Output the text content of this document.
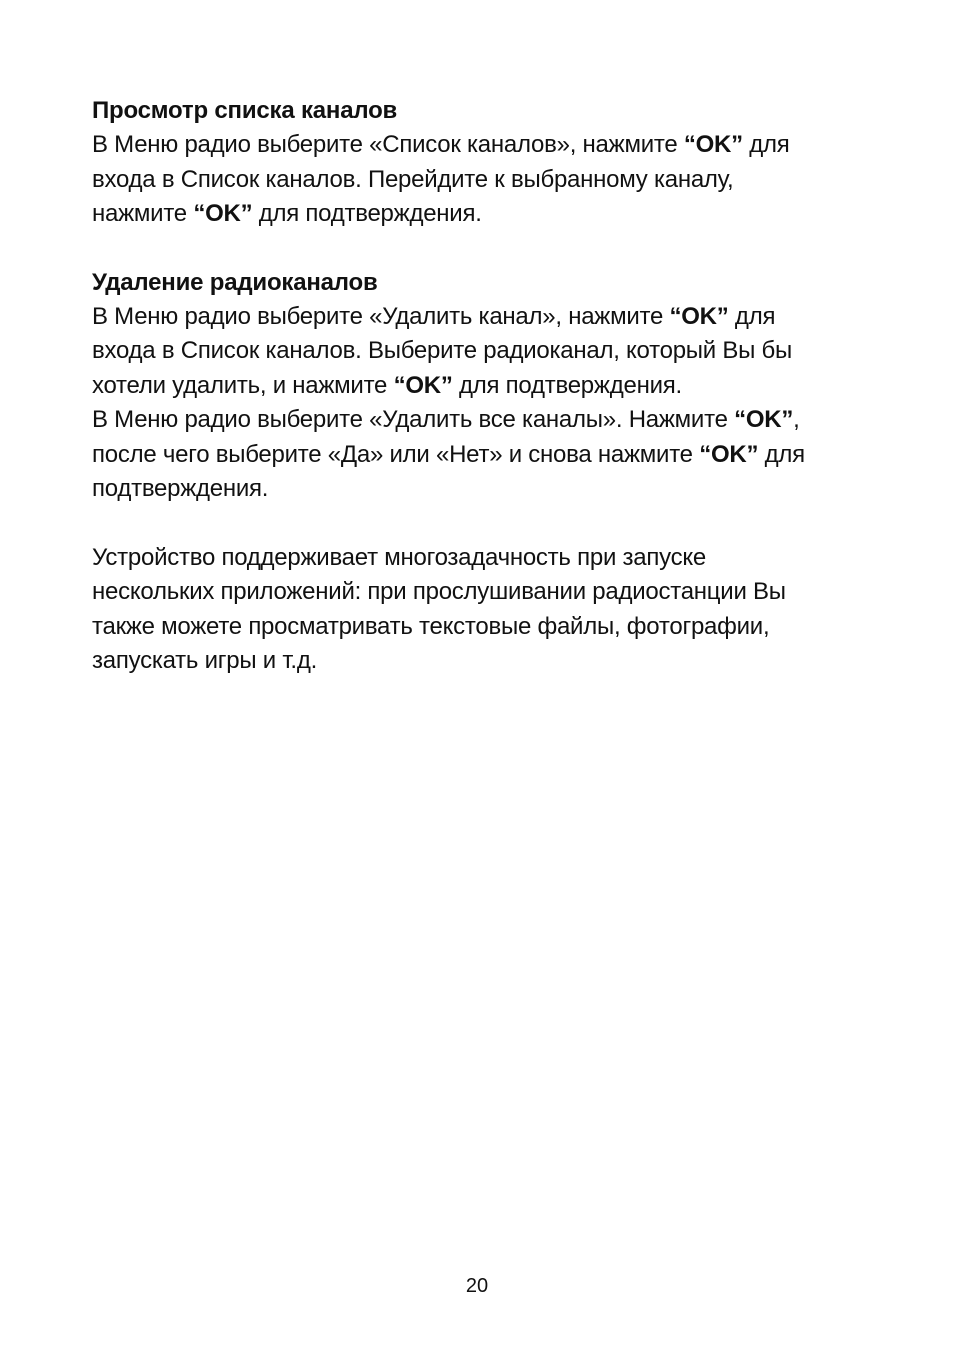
Просмотр списка каналов

В Меню радио выберите «Список каналов», нажмите “OK” для
входа в Список каналов. Перейдите к выбранному каналу,
нажмите “OK” для подтверждения.

Удаление радиоканалов

В Меню радио выберите «Удалить канал», нажмите “OK” для
входа в Список каналов. Выберите радиоканал, который Вы бы
хотели удалить, и нажмите “OK” для подтверждения.
В Меню радио выберите «Удалить все каналы». Нажмите “OK”,
после чего выберите «Да» или «Нет» и снова нажмите “OK” для
подтверждения.

Устройство поддерживает многозадачность при запуске
нескольких приложений: при прослушивании радиостанции Вы
также можете просматривать текстовые файлы, фотографии,
запускать игры и т.д.

20
